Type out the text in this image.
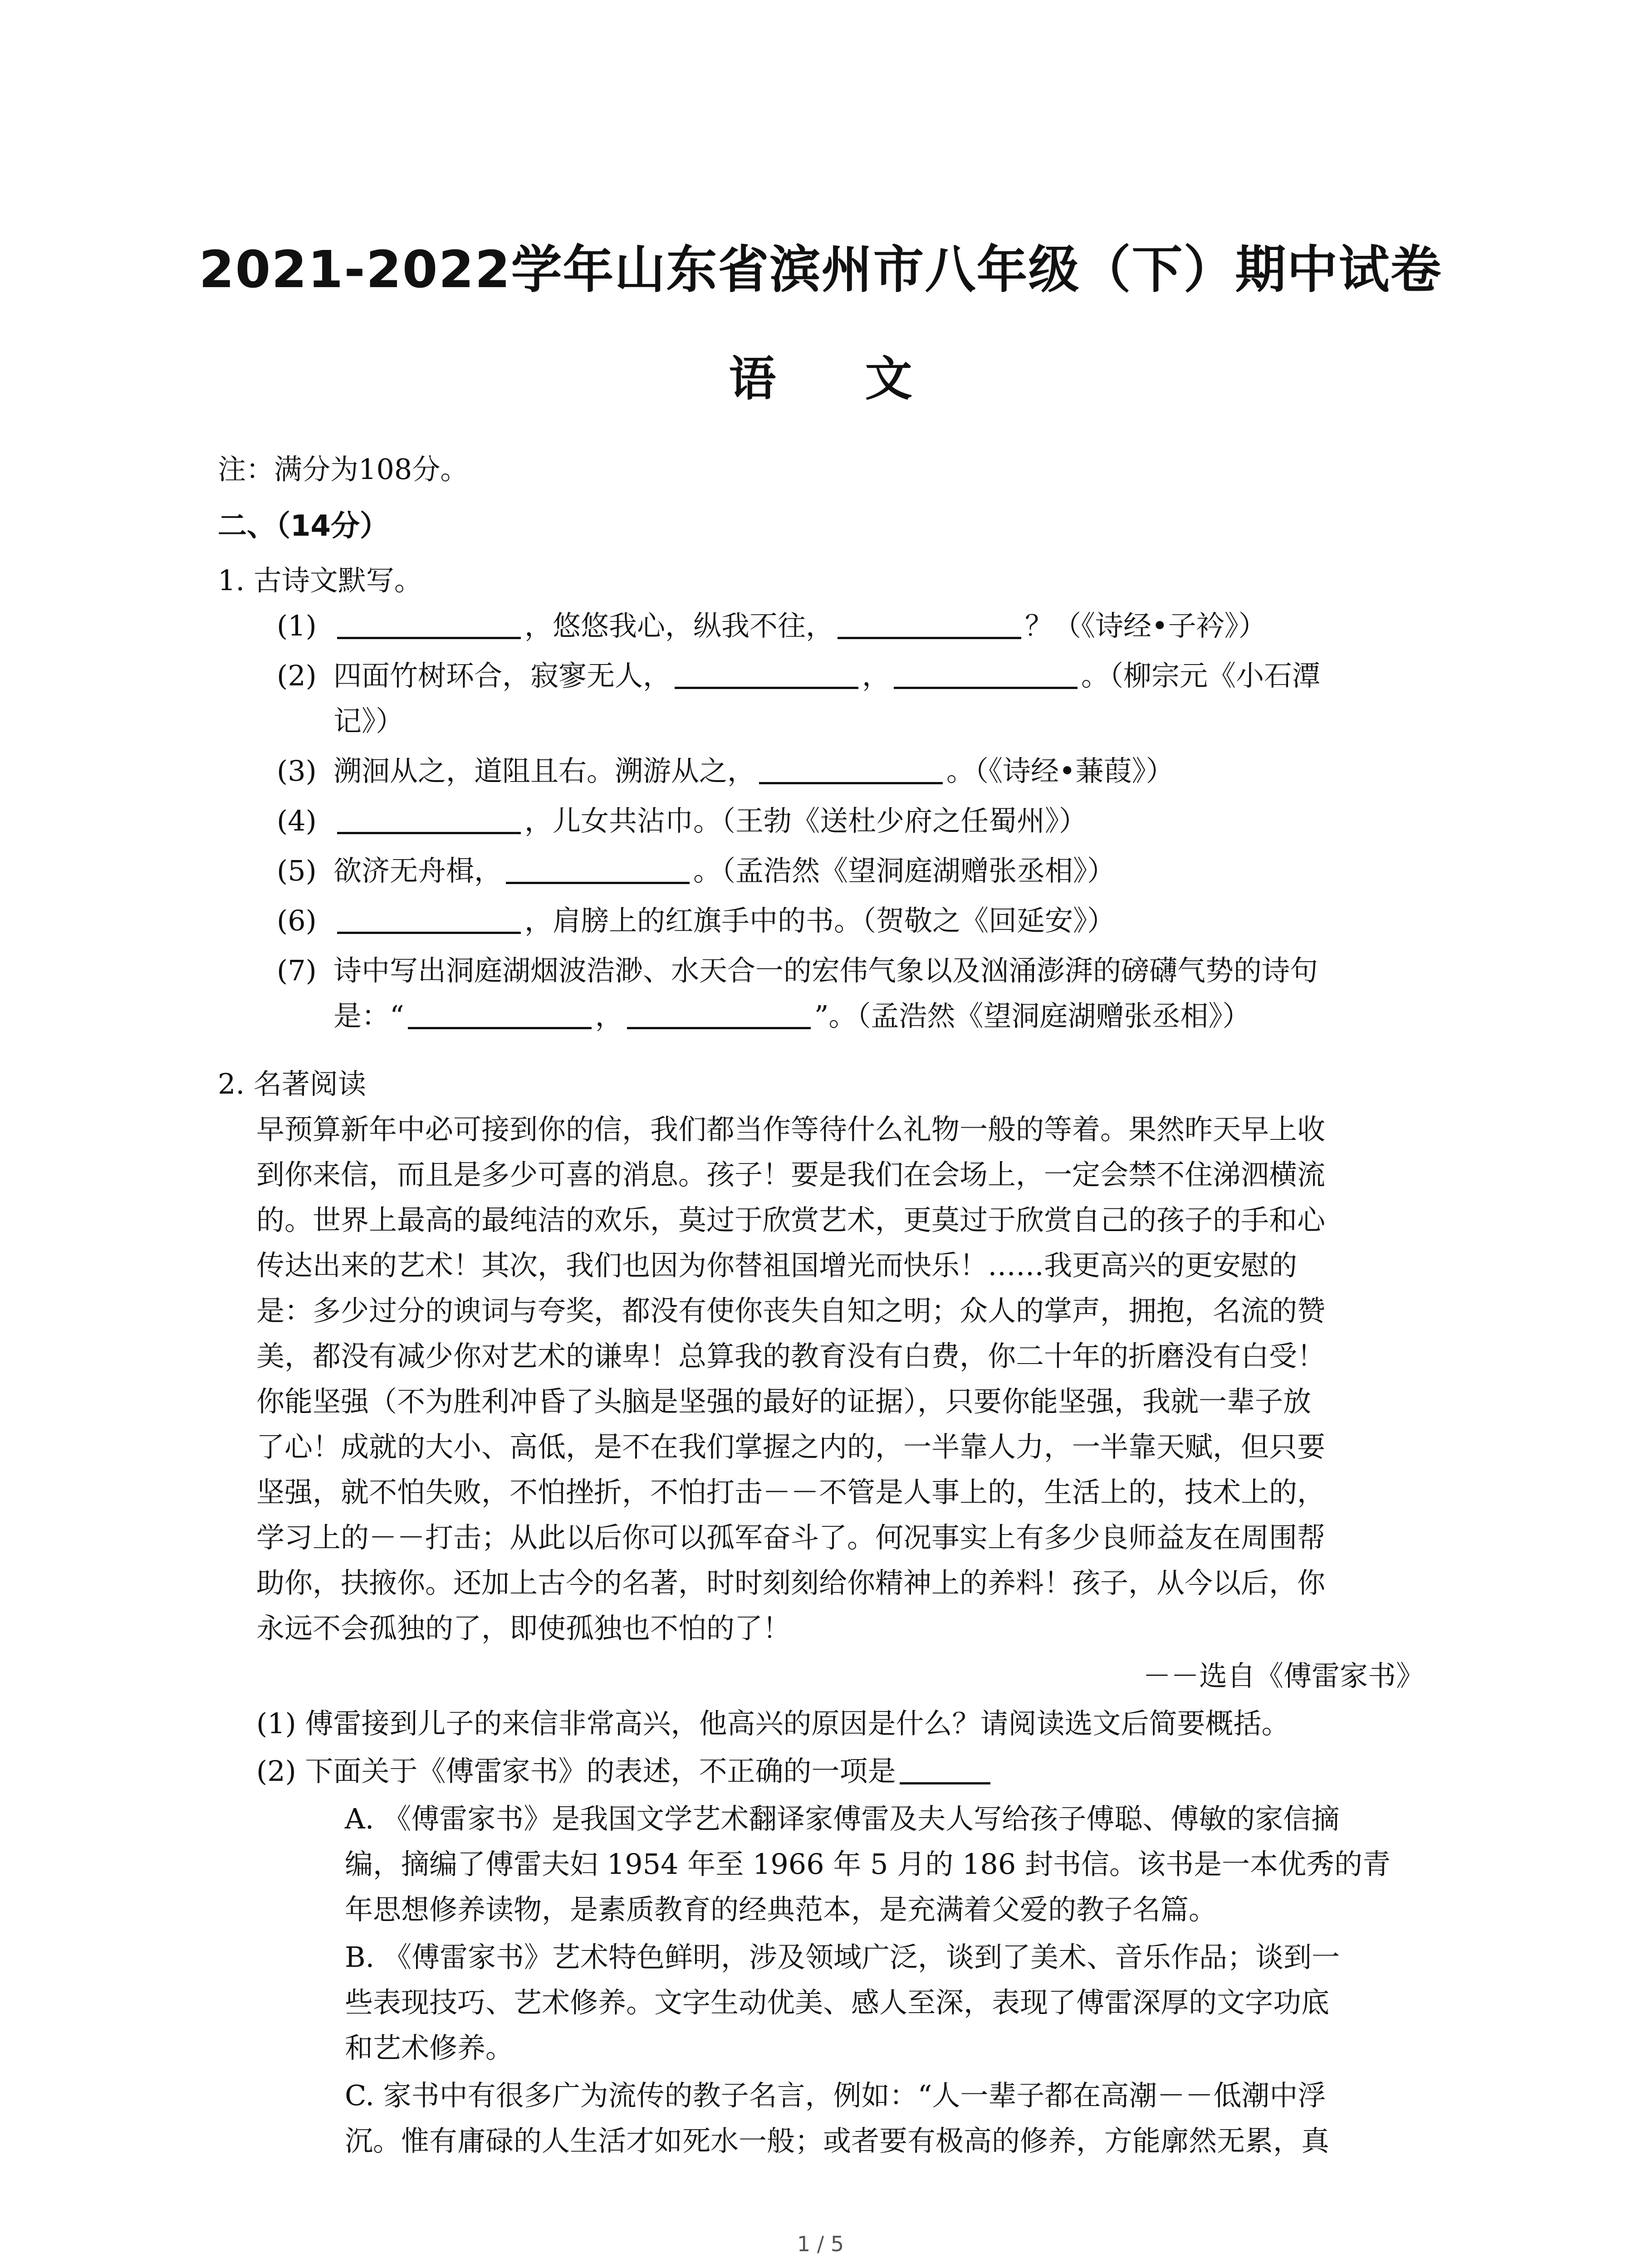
2021-2022学年山东省滨州市八年级（下）期中试卷
语 文
注：满分为108分。
二、（14分）
1. 古诗文默写。
(1)	，悠悠我心，纵我不往，	？（《诗经•子衿》）
(2) 四面竹树环合，寂寥无人，	，	。（柳宗元《小石潭
记》）
(3) 溯洄从之，道阻且右。溯游从之，	。（《诗经•蒹葭》）
(4)	，儿女共沾巾。（王勃《送杜少府之任蜀州》）
(5) 欲济无舟楫，	。（孟浩然《望洞庭湖赠张丞相》）
(6)	，肩膀上的红旗手中的书。（贺敬之《回延安》）
(7) 诗中写出洞庭湖烟波浩渺、水天合一的宏伟气象以及汹涌澎湃的磅礴气势的诗句
是：“	，	”。（孟浩然《望洞庭湖赠张丞相》）
2. 名著阅读
早预算新年中必可接到你的信，我们都当作等待什么礼物一般的等着。果然昨天早上收
到你来信，而且是多少可喜的消息。孩子！要是我们在会场上，一定会禁不住涕泗横流
的。世界上最高的最纯洁的欢乐，莫过于欣赏艺术，更莫过于欣赏自己的孩子的手和心
传达出来的艺术！其次，我们也因为你替祖国增光而快乐！……我更高兴的更安慰的
是：多少过分的谀词与夸奖，都没有使你丧失自知之明；众人的掌声，拥抱，名流的赞
美，都没有减少你对艺术的谦卑！总算我的教育没有白费，你二十年的折磨没有白受！
你能坚强（不为胜利冲昏了头脑是坚强的最好的证据），只要你能坚强，我就一辈子放
了心！成就的大小、高低，是不在我们掌握之内的，一半靠人力，一半靠天赋，但只要
坚强，就不怕失败，不怕挫折，不怕打击－－不管是人事上的，生活上的，技术上的，
学习上的－－打击；从此以后你可以孤军奋斗了。何况事实上有多少良师益友在周围帮
助你，扶掖你。还加上古今的名著，时时刻刻给你精神上的养料！孩子，从今以后，你
永远不会孤独的了，即使孤独也不怕的了！
－－选自《傅雷家书》
(1) 傅雷接到儿子的来信非常高兴，他高兴的原因是什么？请阅读选文后简要概括。
(2) 下面关于《傅雷家书》的表述，不正确的一项是
A. 《傅雷家书》是我国文学艺术翻译家傅雷及夫人写给孩子傅聪、傅敏的家信摘
编，摘编了傅雷夫妇 1954 年至 1966 年 5 月的 186 封书信。该书是一本优秀的青
年思想修养读物，是素质教育的经典范本，是充满着父爱的教子名篇。
B. 《傅雷家书》艺术特色鲜明，涉及领域广泛，谈到了美术、音乐作品；谈到一
些表现技巧、艺术修养。文字生动优美、感人至深，表现了傅雷深厚的文字功底
和艺术修养。
C. 家书中有很多广为流传的教子名言，例如：“人一辈子都在高潮－－低潮中浮
沉。惟有庸碌的人生活才如死水一般；或者要有极高的修养，方能廓然无累，真
1 / 5
